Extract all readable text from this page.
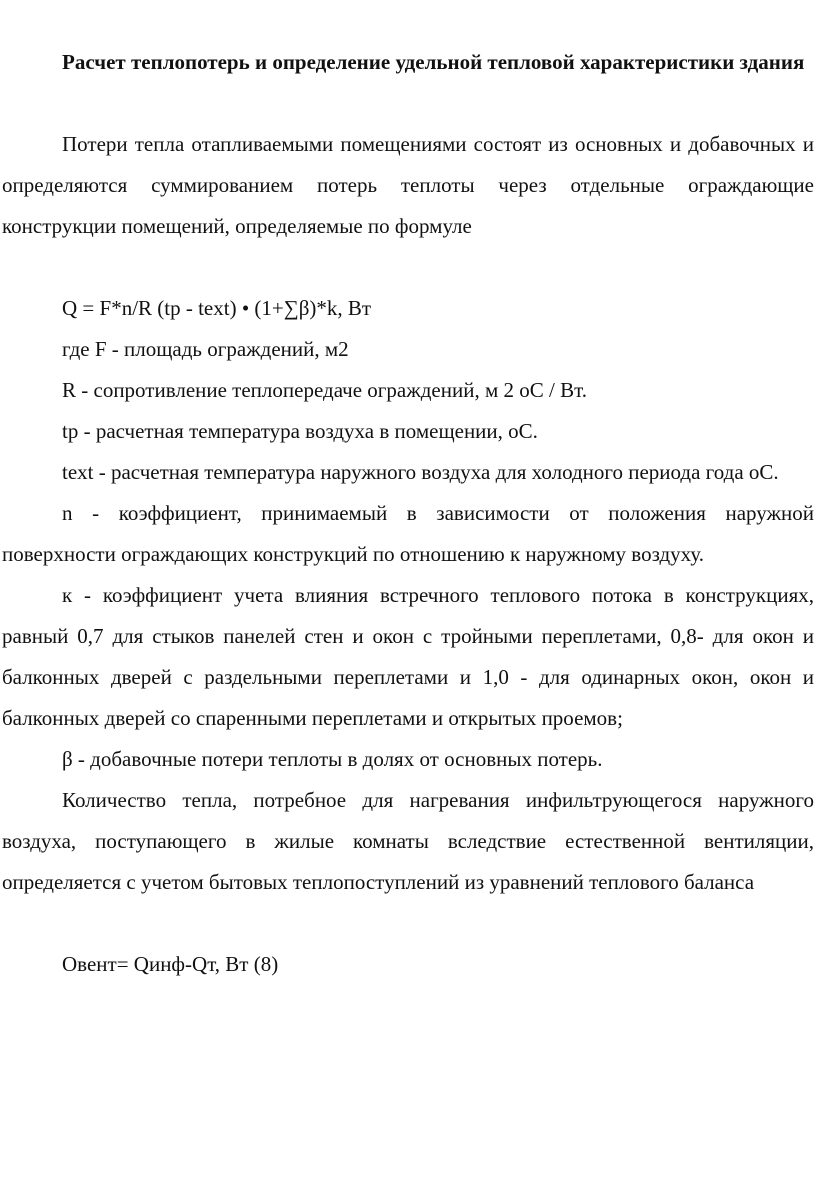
Расчет теплопотерь и определение удельной тепловой характеристики здания

Потери тепла отапливаемыми помещениями состоят из основных и добавочных и определяются суммированием потерь теплоты через отдельные ограждающие конструкции помещений, определяемые по формуле

Q = F*n/R (tр - text) • (1+∑β)*k, Вт

где F - площадь ограждений, м2

R - сопротивление теплопередаче ограждений, м 2 оС / Вт.

tр - расчетная температура воздуха в помещении, оС.

text - расчетная температура наружного воздуха для холодного периода года оС.

n - коэффициент, принимаемый в зависимости от положения наружной поверхности ограждающих конструкций по отношению к наружному воздуху.

к - коэффициент учета влияния встречного теплового потока в конструкциях, равный 0,7 для стыков панелей стен и окон с тройными переплетами, 0,8- для окон и балконных дверей с раздельными переплетами и 1,0 - для одинарных окон, окон и балконных дверей со спаренными переплетами и открытых проемов;

β - добавочные потери теплоты в долях от основных потерь.

Количество тепла, потребное для нагревания инфильтрующегося наружного воздуха, поступающего в жилые комнаты вследствие естественной вентиляции, определяется с учетом бытовых теплопоступлений из уравнений теплового баланса

Овент= Qинф-Qт, Вт (8)
